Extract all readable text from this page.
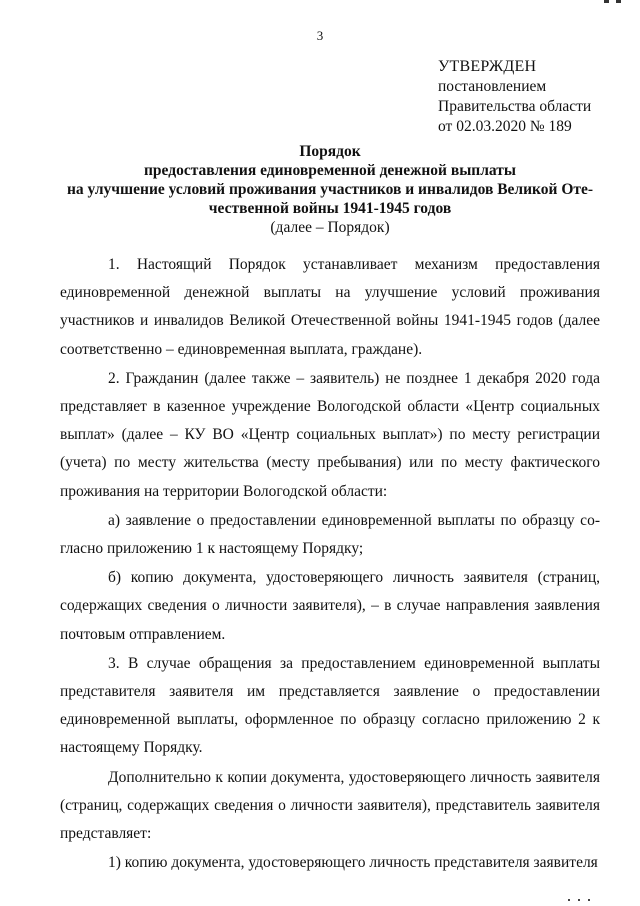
3
УТВЕРЖДЕН
постановлением
Правительства области
от 02.03.2020 № 189
Порядок
предоставления единовременной денежной выплаты
на улучшение условий проживания участников и инвалидов Великой Оте-
чественной войны 1941-1945 годов
(далее – Порядок)

1. Настоящий Порядок устанавливает механизм предоставления единовременной денежной выплаты на улучшение условий проживания участников и инвалидов Великой Отечественной войны 1941-1945 годов (далее соответственно – единовременная выплата, граждане).

2. Гражданин (далее также – заявитель) не позднее 1 декабря 2020 года представляет в казенное учреждение Вологодской области «Центр социальных выплат» (далее – КУ ВО «Центр социальных выплат») по месту регистрации (учета) по месту жительства (месту пребывания) или по месту фактического проживания на территории Вологодской области:

а) заявление о предоставлении единовременной выплаты по образцу согласно приложению 1 к настоящему Порядку;

б) копию документа, удостоверяющего личность заявителя (страниц, содержащих сведения о личности заявителя), – в случае направления заявления почтовым отправлением.

3. В случае обращения за предоставлением единовременной выплаты представителя заявителя им представляется заявление о предоставлении единовременной выплаты, оформленное по образцу согласно приложению 2 к настоящему Порядку.

Дополнительно к копии документа, удостоверяющего личность заявителя (страниц, содержащих сведения о личности заявителя), представитель заявителя представляет:

1) копию документа, удостоверяющего личность представителя заявителя
